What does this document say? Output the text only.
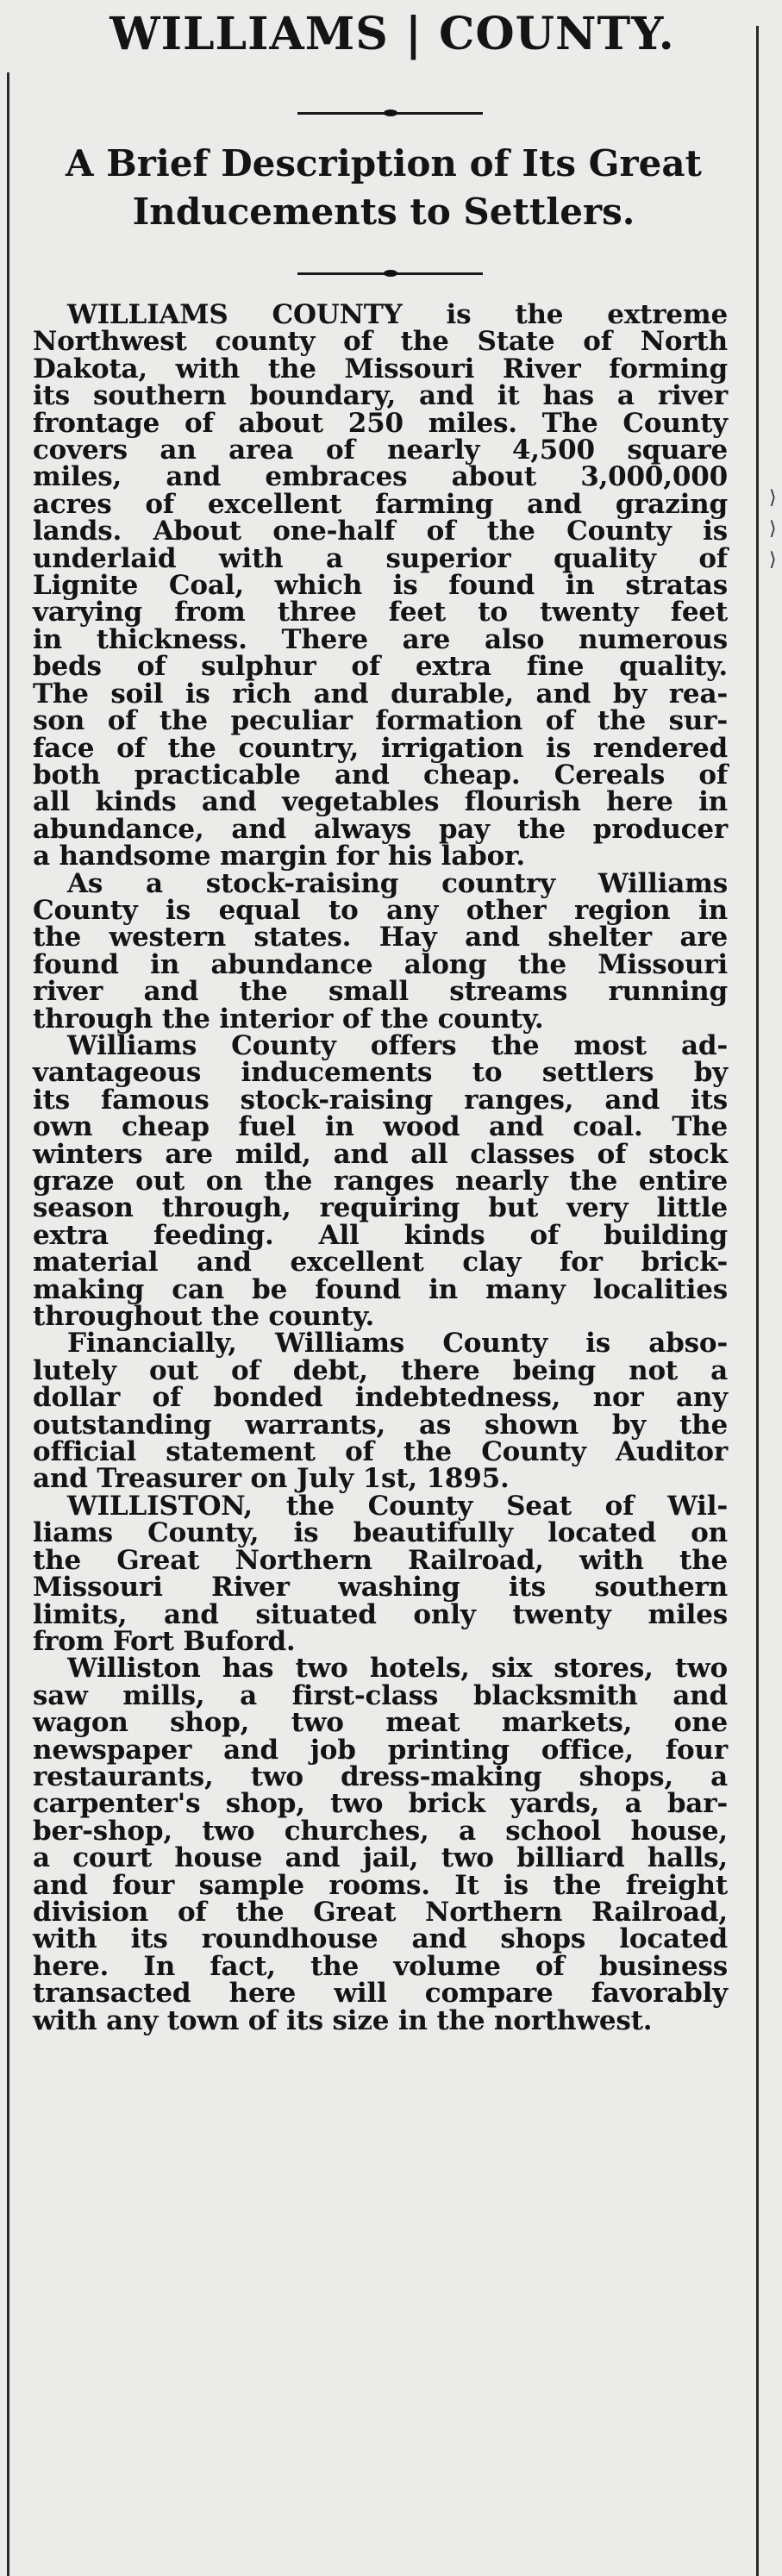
⟩
⟩
⟩
WILLIAMS | COUNTY.
A Brief Description of Its Great
Inducements to Settlers.
WILLIAMS COUNTY is the extreme
Northwest county of the State of North
Dakota, with the Missouri River forming
its southern boundary, and it has a river
frontage of about 250 miles. The County
covers an area of nearly 4,500 square
miles, and embraces about 3,000,000
acres of excellent farming and grazing
lands. About one-half of the County is
underlaid with a superior quality of
Lignite Coal, which is found in stratas
varying from three feet to twenty feet
in thickness. There are also numerous
beds of sulphur of extra fine quality.
The soil is rich and durable, and by rea-
son of the peculiar formation of the sur-
face of the country, irrigation is rendered
both practicable and cheap. Cereals of
all kinds and vegetables flourish here in
abundance, and always pay the producer
a handsome margin for his labor.
As a stock-raising country Williams
County is equal to any other region in
the western states. Hay and shelter are
found in abundance along the Missouri
river and the small streams running
through the interior of the county.
Williams County offers the most ad-
vantageous inducements to settlers by
its famous stock-raising ranges, and its
own cheap fuel in wood and coal. The
winters are mild, and all classes of stock
graze out on the ranges nearly the entire
season through, requiring but very little
extra feeding. All kinds of building
material and excellent clay for brick-
making can be found in many localities
throughout the county.
Financially, Williams County is abso-
lutely out of debt, there being not a
dollar of bonded indebtedness, nor any
outstanding warrants, as shown by the
official statement of the County Auditor
and Treasurer on July 1st, 1895.
WILLISTON, the County Seat of Wil-
liams County, is beautifully located on
the Great Northern Railroad, with the
Missouri River washing its southern
limits, and situated only twenty miles
from Fort Buford.
Williston has two hotels, six stores, two
saw mills, a first-class blacksmith and
wagon shop, two meat markets, one
newspaper and job printing office, four
restaurants, two dress-making shops, a
carpenter's shop, two brick yards, a bar-
ber-shop, two churches, a school house,
a court house and jail, two billiard halls,
and four sample rooms. It is the freight
division of the Great Northern Railroad,
with its roundhouse and shops located
here. In fact, the volume of business
transacted here will compare favorably
with any town of its size in the northwest.
